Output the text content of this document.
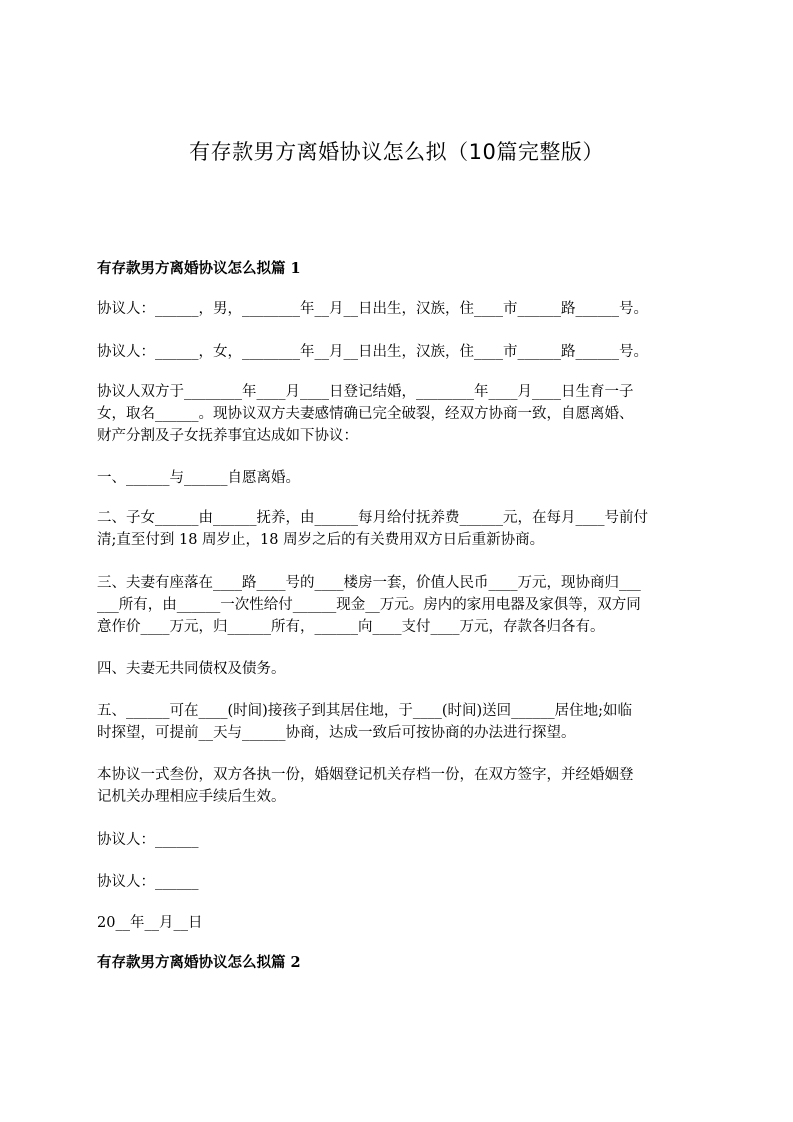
有存款男方离婚协议怎么拟（10篇完整版）
有存款男方离婚协议怎么拟篇 1

协议人：______，男，________年__月__日出生，汉族，住____市______路______号。

协议人：______，女，________年__月__日出生，汉族，住____市______路______号。

协议人双方于________年____月____日登记结婚，________年____月____日生育一子

女，取名______。现协议双方夫妻感情确已完全破裂，经双方协商一致，自愿离婚、

财产分割及子女抚养事宜达成如下协议：

一、______与______自愿离婚。

二、子女______由______抚养，由______每月给付抚养费______元，在每月____号前付

清;直至付到 18 周岁止，18 周岁之后的有关费用双方日后重新协商。

三、夫妻有座落在____路____号的____楼房一套，价值人民币____万元，现协商归___

___所有，由______一次性给付______现金__万元。房内的家用电器及家俱等，双方同

意作价____万元，归______所有，______向____支付____万元，存款各归各有。

四、夫妻无共同债权及债务。

五、______可在____(时间)接孩子到其居住地，于____(时间)送回______居住地;如临

时探望，可提前__天与______协商，达成一致后可按协商的办法进行探望。

本协议一式叁份，双方各执一份，婚姻登记机关存档一份，在双方签字，并经婚姻登

记机关办理相应手续后生效。

协议人：______

协议人：______

20__年__月__日

有存款男方离婚协议怎么拟篇 2
